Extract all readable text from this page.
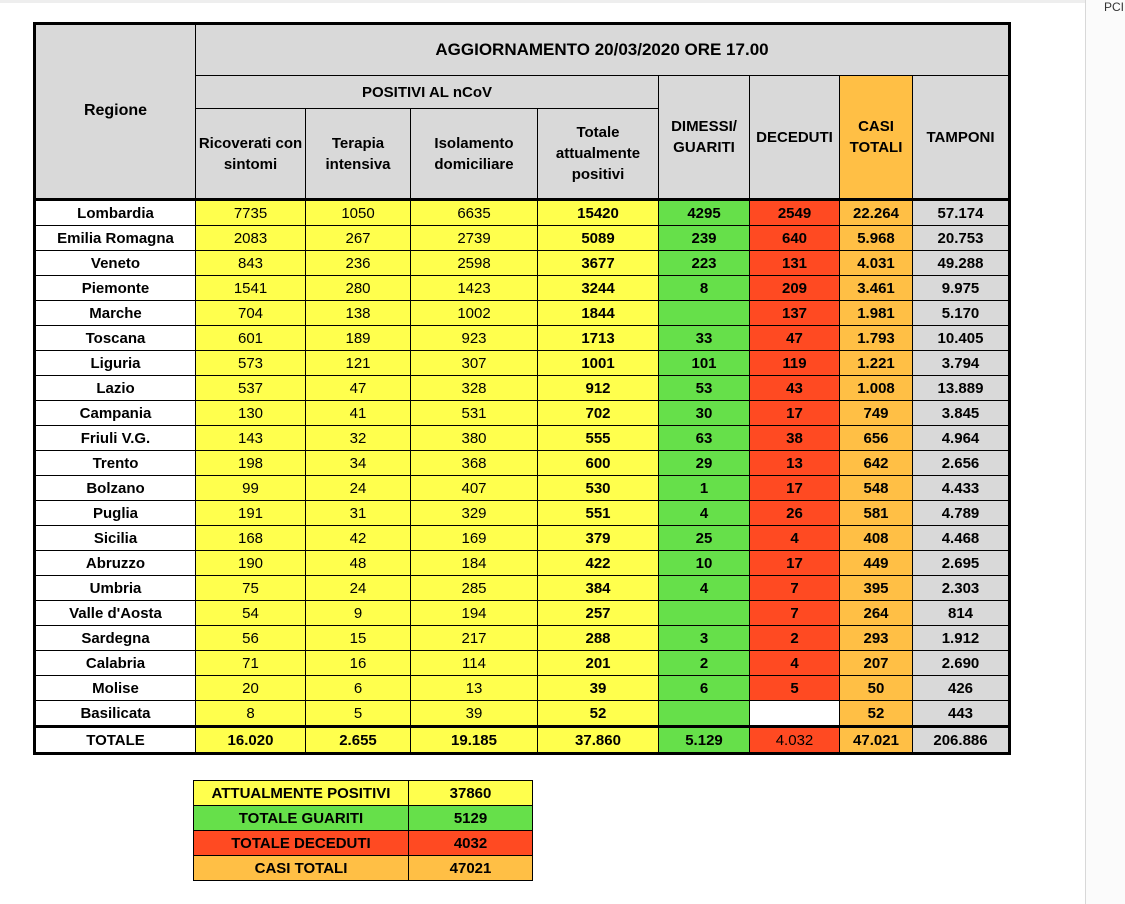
Regione	AGGIORNAMENTO 20/03/2020 ORE 17.00							
	POSITIVI AL nCoV				DIMESSI/ GUARITI	DECEDUTI	CASI TOTALI	TAMPONI
	Ricoverati con sintomi	Terapia intensiva	Isolamento domiciliare	Totale attualmente positivi				
Lombardia	7735	1050	6635	15420	4295	2549	22.264	57.174
Emilia Romagna	2083	267	2739	5089	239	640	5.968	20.753
Veneto	843	236	2598	3677	223	131	4.031	49.288
Piemonte	1541	280	1423	3244	8	209	3.461	9.975
Marche	704	138	1002	1844		137	1.981	5.170
Toscana	601	189	923	1713	33	47	1.793	10.405
Liguria	573	121	307	1001	101	119	1.221	3.794
Lazio	537	47	328	912	53	43	1.008	13.889
Campania	130	41	531	702	30	17	749	3.845
Friuli V.G.	143	32	380	555	63	38	656	4.964
Trento	198	34	368	600	29	13	642	2.656
Bolzano	99	24	407	530	1	17	548	4.433
Puglia	191	31	329	551	4	26	581	4.789
Sicilia	168	42	169	379	25	4	408	4.468
Abruzzo	190	48	184	422	10	17	449	2.695
Umbria	75	24	285	384	4	7	395	2.303
Valle d'Aosta	54	9	194	257		7	264	814
Sardegna	56	15	217	288	3	2	293	1.912
Calabria	71	16	114	201	2	4	207	2.690
Molise	20	6	13	39	6	5	50	426
Basilicata	8	5	39	52			52	443
TOTALE	16.020	2.655	19.185	37.860	5.129	4.032	47.021	206.886
ATTUALMENTE POSITIVI	37860
TOTALE GUARITI	5129
TOTALE DECEDUTI	4032
CASI TOTALI	47021
PCI
